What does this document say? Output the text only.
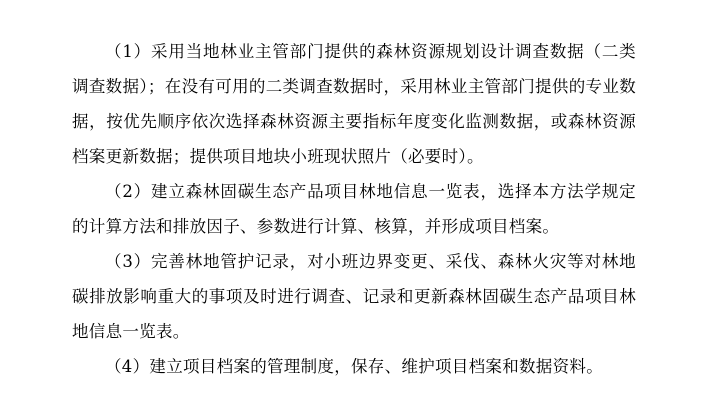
（1）采用当地林业主管部门提供的森林资源规划设计调查数据（二类调查数据）；在没有可用的二类调查数据时，采用林业主管部门提供的专业数据，按优先顺序依次选择森林资源主要指标年度变化监测数据，或森林资源档案更新数据；提供项目地块小班现状照片（必要时）。

（2）建立森林固碳生态产品项目林地信息一览表，选择本方法学规定的计算方法和排放因子、参数进行计算、核算，并形成项目档案。

（3）完善林地管护记录，对小班边界变更、采伐、森林火灾等对林地碳排放影响重大的事项及时进行调查、记录和更新森林固碳生态产品项目林地信息一览表。

（4）建立项目档案的管理制度，保存、维护项目档案和数据资料。
